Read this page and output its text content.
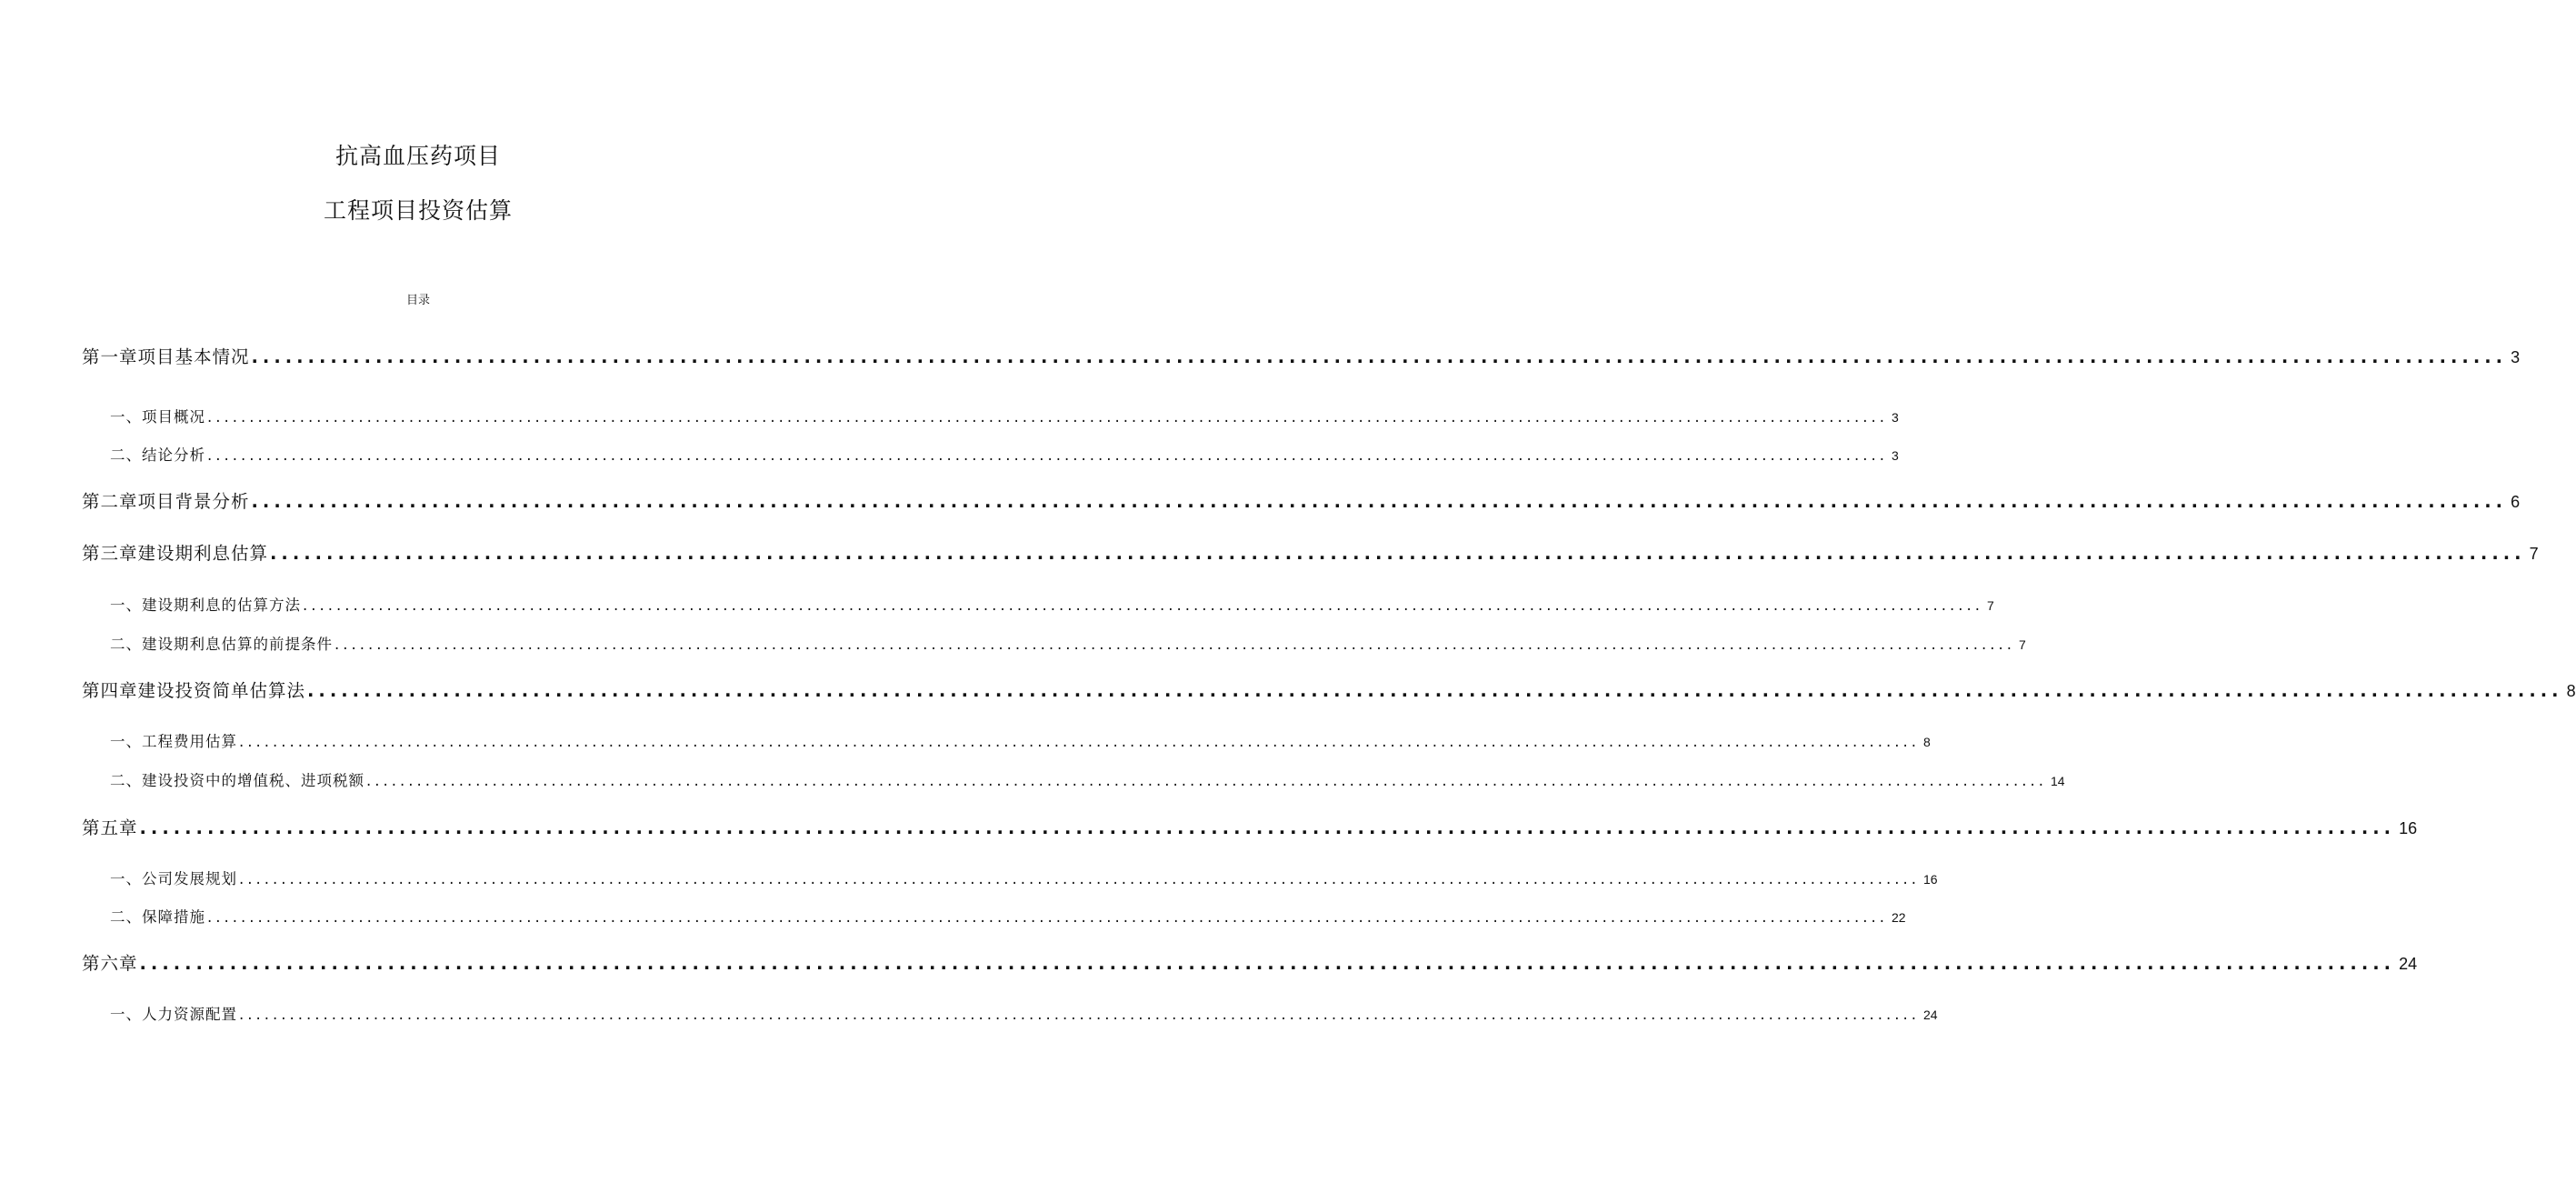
抗高血压药项目
工程项目投资估算
目录
第一章项目基本情况 ........................................................................................................................................................................................................ 3
一、项目概况 ........................................................................................................................................................................................................ 3
二、结论分析 ........................................................................................................................................................................................................ 3
第二章项目背景分析 ........................................................................................................................................................................................................ 6
第三章建设期利息估算 ........................................................................................................................................................................................................ 7
一、建设期利息的估算方法 ........................................................................................................................................................................................................ 7
二、建设期利息估算的前提条件 ........................................................................................................................................................................................................ 7
第四章建设投资简单估算法 ........................................................................................................................................................................................................ 8
一、工程费用估算 ........................................................................................................................................................................................................ 8
二、建设投资中的增值税、进项税额 ........................................................................................................................................................................................................ 14
第五章 ........................................................................................................................................................................................................ 16
一、公司发展规划 ........................................................................................................................................................................................................ 16
二、保障措施 ........................................................................................................................................................................................................ 22
第六章 ........................................................................................................................................................................................................ 24
一、人力资源配置 ........................................................................................................................................................................................................ 24
